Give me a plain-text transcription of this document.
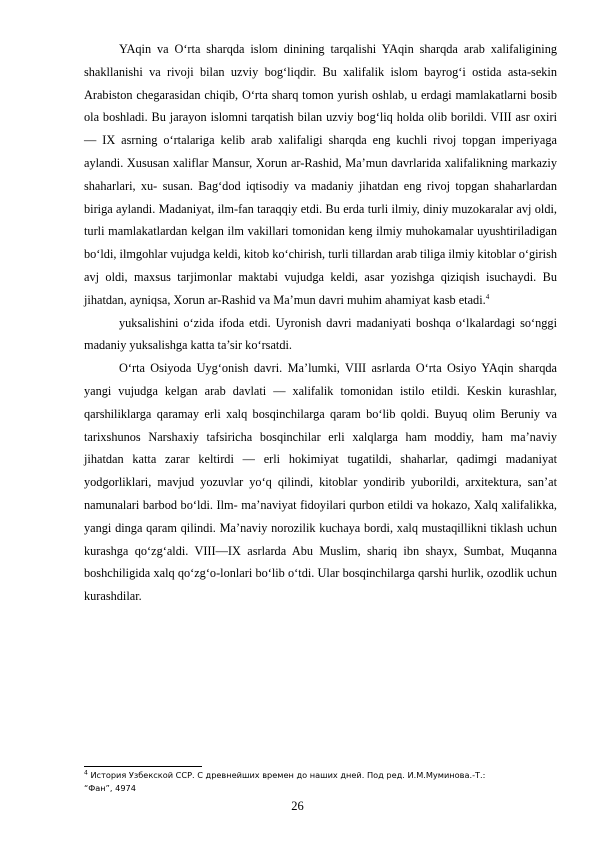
YAqin va O‘rta sharqda islom dinining tarqalishi YAqin sharqda arab xalifaligining shakllanishi va rivoji bilan uzviy bog‘liqdir. Bu xalifalik islom bayrog‘i ostida asta-sekin Arabiston chegarasidan chiqib, O‘rta sharq tomon yurish oshlab, u erdagi mamlakatlarni bosib ola boshladi. Bu jarayon islomni tarqatish bilan uzviy bog‘liq holda olib borildi. VIII asr oxiri — IX asrning o‘rtalariga kelib arab xalifaligi sharqda eng kuchli rivoj topgan imperiyaga aylandi. Xususan xaliflar Mansur, Xorun ar-Rashid, Ma’mun davrlarida xalifalikning markaziy shaharlari, xu- susan. Bag‘dod iqtisodiy va madaniy jihatdan eng rivoj topgan shaharlardan biriga aylandi. Madaniyat, ilm-fan taraqqiy etdi. Bu erda turli ilmiy, diniy muzokaralar avj oldi, turli mamlakatlardan kelgan ilm vakillari tomonidan keng ilmiy muhokamalar uyushtiriladigan bo‘ldi, ilmgohlar vujudga keldi, kitob ko‘chirish, turli tillardan arab tiliga ilmiy kitoblar o‘girish avj oldi, maxsus tarjimonlar maktabi vujudga keldi, asar yozishga qiziqish isuchaydi. Bu jihatdan, ayniqsa, Xorun ar-Rashid va Ma’mun davri muhim ahamiyat kasb etadi.$^4$

yuksalishini o‘zida ifoda etdi. Uyronish davri madaniyati boshqa o‘lkalardagi so‘nggi madaniy yuksalishga katta ta’sir ko‘rsatdi.

O‘rta Osiyoda Uyg‘onish davri. Ma’lumki, VIII asrlarda O‘rta Osiyo YAqin sharqda yangi vujudga kelgan arab davlati — xalifalik tomonidan istilo etildi. Keskin kurashlar, qarshiliklarga qaramay erli xalq bosqinchilarga qaram bo‘lib qoldi. Buyuq olim Beruniy va tarixshunos Narshaxiy tafsiricha bosqinchilar erli xalqlarga ham moddiy, ham ma’naviy jihatdan katta zarar keltirdi — erli hokimiyat tugatildi, shaharlar, qadimgi madaniyat yodgorliklari, mavjud yozuvlar yo‘q qilindi, kitoblar yondirib yuborildi, arxitektura, san’at namunalari barbod bo‘ldi. Ilm- ma’naviyat fidoyilari qurbon etildi va hokazo, Xalq xalifalikka, yangi dinga qaram qilindi. Ma’naviy norozilik kuchaya bordi, xalq mustaqillikni tiklash uchun kurashga qo‘zg‘aldi. VIII—IX asrlarda Abu Muslim, shariq ibn shayx, Sumbat, Muqanna boshchiligida xalq qo‘zg‘o-lonlari bo‘lib o‘tdi. Ular bosqinchilarga qarshi hurlik, ozodlik uchun kurashdilar.

$^4$ История Узбекской ССР. С древнейших времен до наших дней. Под ред. И.М.Муминова.-Т.:
“Фан”, 4974
26
